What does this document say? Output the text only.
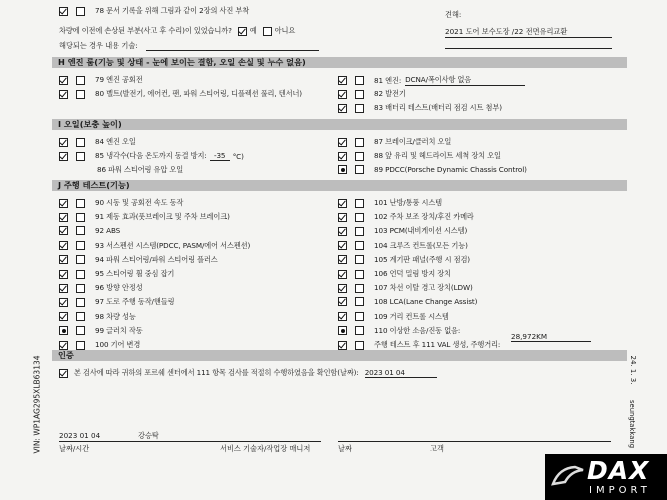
78 문서 기록을 위해 그림과 같이 2장의 사진 부착
차량에 이전에 손상된 부분(사고 후 수리)이 있었습니까?	예	아니요
해당되는 경우 내용 기술:
견해:
2021 도어 보수도장 /22 전면유리교환
H 엔진 룸(기능 및 상태 - 눈에 보이는 결함, 오일 손실 및 누수 없음)
79 엔진 공회전
80 벨트(발전기, 에어컨, 팬, 파워 스티어링, 디플렉션 풀리, 텐서너)
81 엔진: DCNA/폭이사항 없음
82 발전기
83 배터리 테스트(배터리 점검 시트 첨부)
I 오일(보충 높이)
84 엔진 오일
85 냉각수(다음 온도까지 동결 방지:	-35	°C)
86 파워 스티어링 유압 오일
87 브레이크/클러치 오일
88 앞 유리 및 헤드라이트 세척 장치 오일
89 PDCC(Porsche Dynamic Chassis Control)
J 주행 테스트(기능)
90 시동 및 공회전 속도 동작
91 제동 효과(풋브레이크 및 주차 브레이크)
92 ABS
93 서스펜션 시스템(PDCC, PASM/에어 서스펜션)
94 파워 스티어링/파워 스티어링 플러스
95 스티어링 휠 중심 잡기
96 방향 안정성
97 도로 주행 동작/핸들링
98 차량 성능
99 글러치 작동
100 기어 변경
101 난방/통풍 시스템
102 주차 보조 장치/후진 카메라
103 PCM(내비게이션 시스템)
104 크루즈 컨트롤(모든 기능)
105 계기판 패널(주행 시 점검)
106 언덕 밀림 방지 장치
107 차선 이탈 경고 장치(LDW)
108 LCA(Lane Change Assist)
109 거리 컨트롤 시스템
110 이상한 소음/진동 없음:
주행 테스트 후 111 VAL 생성, 주행거리:
28,972KM
인증
본 검사에 따라 귀하의 포르쉐 센터에서 111 항목 검사를 적절히 수행하였음을 확인함(날짜): 2023 01 04
2023 01 04	강승탁
날짜/시간	서비스 기술자/작업장 매니저	날짜	고객
VIN: WP1AG295XLB63134	24. 1. 3.
seungtakkang
DAX
IMPORT
